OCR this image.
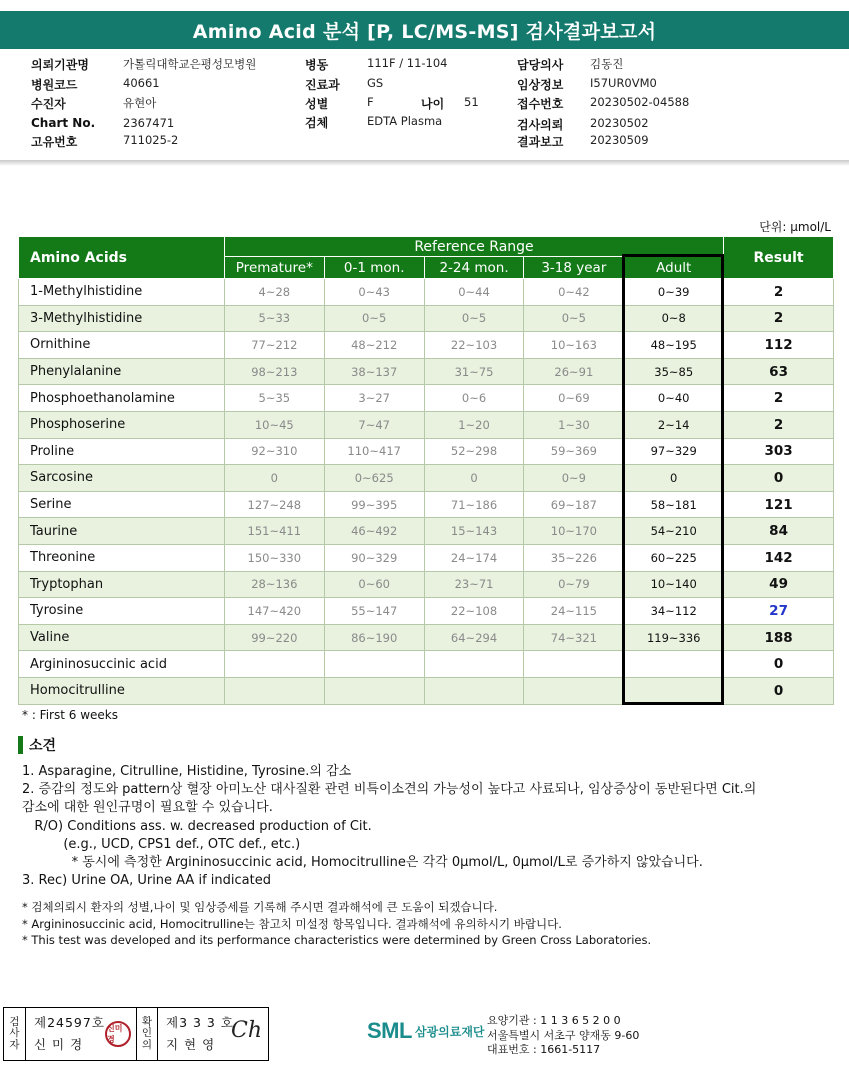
Amino Acid 분석 [P, LC/MS-MS] 검사결과보고서
의뢰기관명	가톨릭대학교은평성모병원
병원코드	40661
수진자	유현아
Chart No. 2367471
고유번호	711025-2
병동	111F / 11-104
진료과 GS
성별	F	나이 51
검체	EDTA Plasma
담당의사 김동진
임상정보 I57UR0VM0
접수번호 20230502-04588
검사의뢰 20230502
결과보고 20230509
단위: μmol/L
Amino Acids	Reference Range					Result
	Premature*	0-1 mon.	2-24 mon.	3-18 year	Adult	
1-Methylhistidine	4~28	0~43	0~44	0~42	0~39	2
3-Methylhistidine	5~33	0~5	0~5	0~5	0~8	2
Ornithine	77~212	48~212	22~103	10~163	48~195	112
Phenylalanine	98~213	38~137	31~75	26~91	35~85	63
Phosphoethanolamine	5~35	3~27	0~6	0~69	0~40	2
Phosphoserine	10~45	7~47	1~20	1~30	2~14	2
Proline	92~310	110~417	52~298	59~369	97~329	303
Sarcosine	0	0~625	0	0~9	0	0
Serine	127~248	99~395	71~186	69~187	58~181	121
Taurine	151~411	46~492	15~143	10~170	54~210	84
Threonine	150~330	90~329	24~174	35~226	60~225	142
Tryptophan	28~136	0~60	23~71	0~79	10~140	49
Tyrosine	147~420	55~147	22~108	24~115	34~112	27
Valine	99~220	86~190	64~294	74~321	119~336	188
Argininosuccinic acid						0
Homocitrulline						0
* : First 6 weeks
소견
1. Asparagine, Citrulline, Histidine, Tyrosine.의 감소
2. 증감의 정도와 pattern상 혈장 아미노산 대사질환 관련 비특이소견의 가능성이 높다고 사료되나, 임상증상이 동반된다면 Cit.의
감소에 대한 원인규명이 필요할 수 있습니다.
R/O) Conditions ass. w. decreased production of Cit.
(e.g., UCD, CPS1 def., OTC def., etc.)
* 동시에 측정한 Argininosuccinic acid, Homocitrulline은 각각 0μmol/L, 0μmol/L로 증가하지 않았습니다.
3. Rec) Urine OA, Urine AA if indicated
* 검체의뢰시 환자의 성별,나이 및 임상증세를 기록해 주시면 결과해석에 큰 도움이 되겠습니다.
* Argininosuccinic acid, Homocitrulline는 참고치 미설정 항목입니다. 결과해석에 유의하시기 바랍니다.
* This test was developed and its performance characteristics were determined by Green Cross Laboratories.
검
사
자
제24597호
신 미 경
신미경
확
인
의
제3 3 3 호
지 현 영
Ch	SML 삼광의료재단
요양기관 : 1 1 3 6 5 2 0 0
서울특별시 서초구 양재동 9-60
대표번호 : 1661-5117
